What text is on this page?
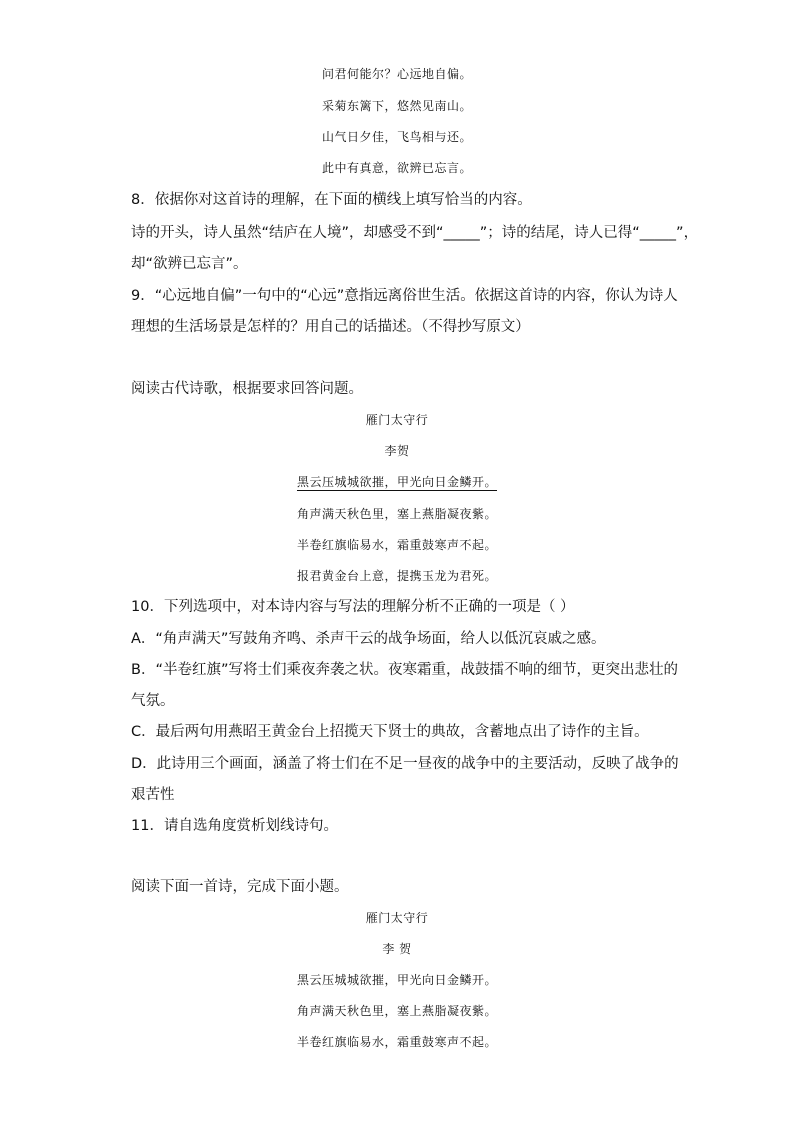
问君何能尔？心远地自偏。
采菊东篱下，悠然见南山。
山气日夕佳，飞鸟相与还。
此中有真意，欲辨已忘言。
8．依据你对这首诗的理解，在下面的横线上填写恰当的内容。
诗的开头，诗人虽然“结庐在人境”，却感受不到“_____”；诗的结尾，诗人已得“_____”，
却“欲辨已忘言”。
9．“心远地自偏”一句中的“心远”意指远离俗世生活。依据这首诗的内容，你认为诗人
理想的生活场景是怎样的？用自己的话描述。（不得抄写原文）
阅读古代诗歌，根据要求回答问题。
雁门太守行
李贺
黑云压城城欲摧，甲光向日金鳞开。
角声满天秋色里，塞上燕脂凝夜紫。
半卷红旗临易水，霜重鼓寒声不起。
报君黄金台上意，提携玉龙为君死。
10．下列选项中，对本诗内容与写法的理解分析不正确的一项是（ ）
A．“角声满天”写鼓角齐鸣、杀声干云的战争场面，给人以低沉哀戚之感。
B．“半卷红旗”写将士们乘夜奔袭之状。夜寒霜重，战鼓擂不响的细节，更突出悲壮的
气氛。
C．最后两句用燕昭王黄金台上招揽天下贤士的典故，含蓄地点出了诗作的主旨。
D．此诗用三个画面，涵盖了将士们在不足一昼夜的战争中的主要活动，反映了战争的
艰苦性
11．请自选角度赏析划线诗句。
阅读下面一首诗，完成下面小题。
雁门太守行
李 贺
黑云压城城欲摧，甲光向日金鳞开。
角声满天秋色里，塞上燕脂凝夜紫。
半卷红旗临易水，霜重鼓寒声不起。
